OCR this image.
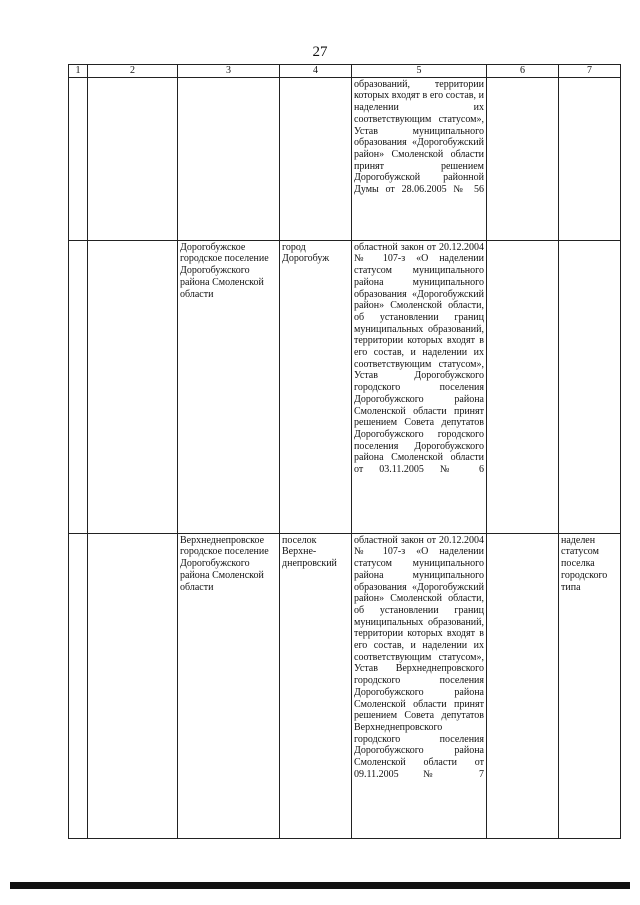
27
1	2	3	4	5	6	7
				образований, территории которых входят в его состав, и наделении их соответствующим статусом», Устав муниципального образования «Дорогобужский район» Смоленской области принят решением Дорогобужской районной Думы от 28.06.2005 № 56		
		Дорогобужское городское поселение Дорогобужского района Смоленской области	город Дорогобуж	областной закон от 20.12.2004 № 107-з «О наделении статусом муниципального района муниципального образования «Дорогобужский район» Смоленской области, об установлении границ муниципальных образований, территории которых входят в его состав, и наделении их соответствующим статусом», Устав Дорогобужского городского поселения Дорогобужского района Смоленской области принят решением Совета депутатов Дорогобужского городского поселения Дорогобужского района Смоленской области от 03.11.2005 № 6		
		Верхнеднепровское городское поселение Дорогобужского района Смоленской области	поселок Верхне-днепровский	областной закон от 20.12.2004 № 107-з «О наделении статусом муниципального района муниципального образования «Дорогобужский район» Смоленской области, об установлении границ муниципальных образований, территории которых входят в его состав, и наделении их соответствующим статусом», Устав Верхнеднепровского городского поселения Дорогобужского района Смоленской области принят решением Совета депутатов Верхнеднепровского городского поселения Дорогобужского района Смоленской области от 09.11.2005 № 7		наделен статусом поселка городского типа
